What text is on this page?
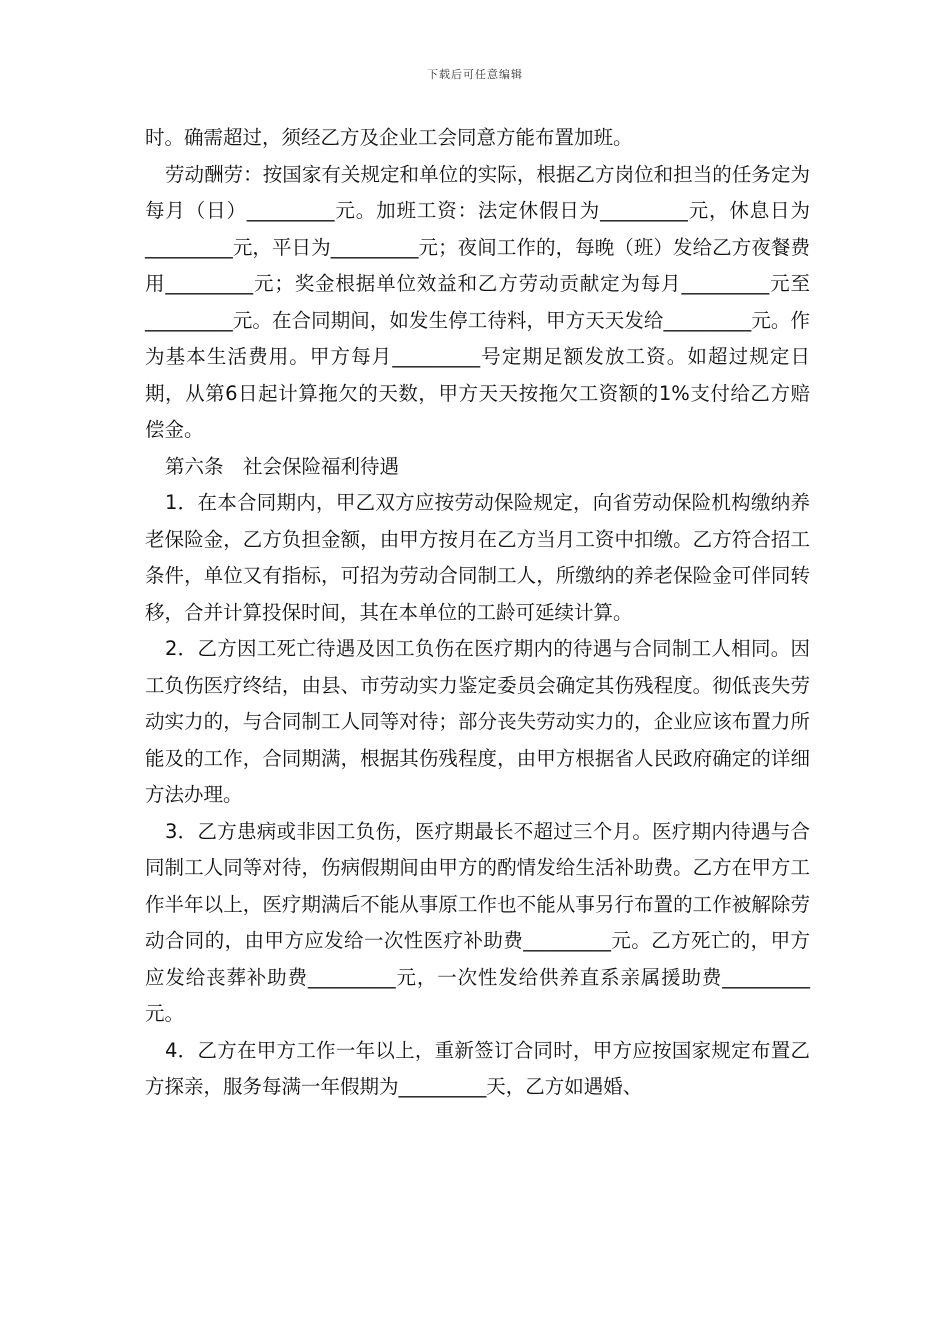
下载后可任意编辑

时。确需超过，须经乙方及企业工会同意方能布置加班。

劳动酬劳：按国家有关规定和单位的实际，根据乙方岗位和担当的任务定为每月（日）_________元。加班工资：法定休假日为_________元，休息日为_________元，平日为_________元；夜间工作的，每晚（班）发给乙方夜餐费用_________元；奖金根据单位效益和乙方劳动贡献定为每月_________元至_________元。在合同期间，如发生停工待料，甲方天天发给_________元。作为基本生活费用。甲方每月_________号定期足额发放工资。如超过规定日期，从第6日起计算拖欠的天数，甲方天天按拖欠工资额的1%支付给乙方赔偿金。

第六条　社会保险福利待遇

1．在本合同期内，甲乙双方应按劳动保险规定，向省劳动保险机构缴纳养老保险金，乙方负担金额，由甲方按月在乙方当月工资中扣缴。乙方符合招工条件，单位又有指标，可招为劳动合同制工人，所缴纳的养老保险金可伴同转移，合并计算投保时间，其在本单位的工龄可延续计算。

2．乙方因工死亡待遇及因工负伤在医疗期内的待遇与合同制工人相同。因工负伤医疗终结，由县、市劳动实力鉴定委员会确定其伤残程度。彻低丧失劳动实力的，与合同制工人同等对待；部分丧失劳动实力的，企业应该布置力所能及的工作，合同期满，根据其伤残程度，由甲方根据省人民政府确定的详细方法办理。

3．乙方患病或非因工负伤，医疗期最长不超过三个月。医疗期内待遇与合同制工人同等对待，伤病假期间由甲方的酌情发给生活补助费。乙方在甲方工作半年以上，医疗期满后不能从事原工作也不能从事另行布置的工作被解除劳动合同的，由甲方应发给一次性医疗补助费_________元。乙方死亡的，甲方应发给丧葬补助费_________元，一次性发给供养直系亲属援助费_________元。

4．乙方在甲方工作一年以上，重新签订合同时，甲方应按国家规定布置乙方探亲，服务每满一年假期为_________天，乙方如遇婚、
